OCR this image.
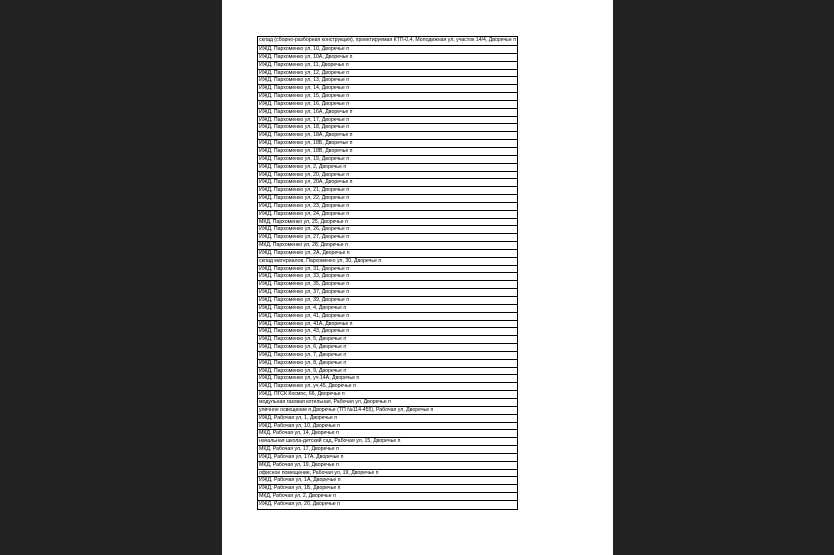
склад (сборно-разборная конструкция), проектируемая КТП-0,4, Молодежная ул, участок 14/4, Дворечье п
ИЖД, Пархоменко ул, 10, Дворечье п
ИЖД, Пархоменко ул, 10А, Дворечье п
ИЖД, Пархоменко ул, 11, Дворечье п
ИЖД, Пархоменко ул, 12, Дворечье п
ИЖД, Пархоменко ул, 13, Дворечье п
ИЖД, Пархоменко ул, 14, Дворечье п
ИЖД, Пархоменко ул, 15, Дворечье п
ИЖД, Пархоменко ул, 16, Дворечье п
ИЖД, Пархоменко ул, 16А, Дворечье п
ИЖД, Пархоменко ул, 17, Дворечье п
ИЖД, Пархоменко ул, 18, Дворечье п
ИЖД, Пархоменко ул, 18А, Дворечье п
ИЖД, Пархоменко ул, 18Б, Дворечье п
ИЖД, Пархоменко ул, 18В, Дворечье п
ИЖД, Пархоменко ул, 19, Дворечье п
ИЖД, Пархоменко ул, 2, Дворечье п
ИЖД, Пархоменко ул, 20, Дворечье п
ИЖД, Пархоменко ул, 20А, Дворечье п
ИЖД, Пархоменко ул, 21, Дворечье п
ИЖД, Пархоменко ул, 22, Дворечье п
ИЖД, Пархоменко ул, 23, Дворечье п
ИЖД, Пархоменко ул, 24, Дворечье п
МКД, Пархоменко ул, 25, Дворечье п
ИЖД, Пархоменко ул, 26, Дворечье п
ИЖД, Пархоменко ул, 27, Дворечье п
МКД, Пархоменко ул, 28, Дворечье п
ИЖД, Пархоменко ул, 2А, Дворечье п
склад материалов, Пархоменко ул, 30, Дворечье п
ИЖД, Пархоменко ул, 31, Дворечье п
ИЖД, Пархоменко ул, 33, Дворечье п
ИЖД, Пархоменко ул, 35, Дворечье п
ИЖД, Пархоменко ул, 37, Дворечье п
ИЖД, Пархоменко ул, 39, Дворечье п
ИЖД, Пархоменко ул, 4, Дворечье п
ИЖД, Пархоменко ул, 41, Дворечье п
ИЖД, Пархоменко ул, 41А, Дворечье п
ИЖД, Пархоменко ул, 43, Дворечье п
ИЖД, Пархоменко ул, 5, Дворечье п
ИЖД, Пархоменко ул, 6, Дворечье п
ИЖД, Пархоменко ул, 7, Дворечье п
ИЖД, Пархоменко ул, 8, Дворечье п
ИЖД, Пархоменко ул, 9, Дворечье п
ИЖД, Пархоменко ул, уч.14А, Дворечье п
ИЖД, Пархоменко ул, уч.45, Дворечье п
ИЖД, ПГСК Космос, 66, Дворечье п
модульная газовая котельная, Рабочая ул, Дворечье п
уличное освещение п.Дворечье (ТП №114-455), Рабочая ул, Дворечье п
ИЖД, Рабочая ул, 1, Дворечье п
ИЖД, Рабочая ул, 10, Дворечье п
МКД, Рабочая ул, 14, Дворечье п
начальная школа-детский сад, Рабочая ул, 15, Дворечье п
МКД, Рабочая ул, 17, Дворечье п
ИЖД, Рабочая ул, 17А, Дворечье п
МКД, Рабочая ул, 19, Дворечье п
офисное помещение, Рабочая ул, 19, Дворечье п
ИЖД, Рабочая ул, 1А, Дворечье п
ИЖД, Рабочая ул, 1Б, Дворечье п
МКД, Рабочая ул, 2, Дворечье п
ИЖД, Рабочая ул, 20, Дворечье п
